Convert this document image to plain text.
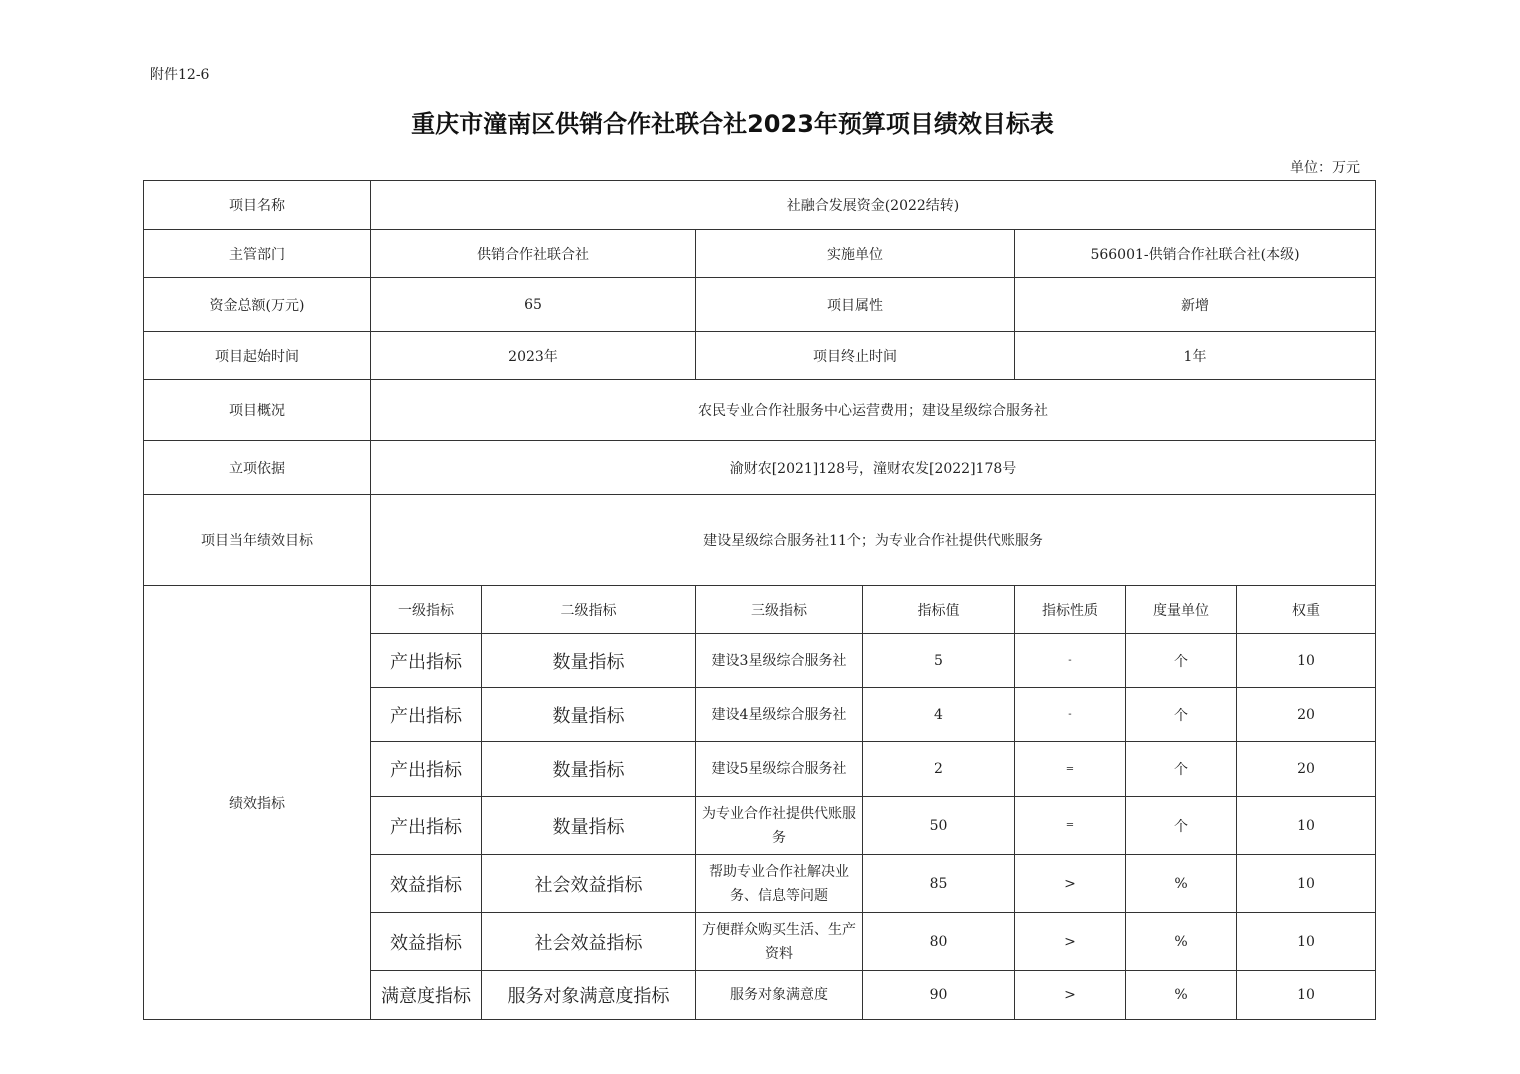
附件12-6
重庆市潼南区供销合作社联合社2023年预算项目绩效目标表
单位：万元
项目名称	社融合发展资金(2022结转)						
主管部门	供销合作社联合社		实施单位		566001-供销合作社联合社(本级)		
资金总额(万元)	65		项目属性		新增		
项目起始时间	2023年		项目终止时间		1年		
项目概况	农民专业合作社服务中心运营费用；建设星级综合服务社						
立项依据	渝财农[2021]128号，潼财农发[2022]178号						
项目当年绩效目标	建设星级综合服务社11个；为专业合作社提供代账服务						
绩效指标	一级指标	二级指标	三级指标	指标值	指标性质	度量单位	权重
	产出指标	数量指标	建设3星级综合服务社	5	-	个	10
	产出指标	数量指标	建设4星级综合服务社	4	-	个	20
	产出指标	数量指标	建设5星级综合服务社	2	=	个	20
	产出指标	数量指标	为专业合作社提供代账服务	50	=	个	10
	效益指标	社会效益指标	帮助专业合作社解决业务、信息等问题	85	>	%	10
	效益指标	社会效益指标	方便群众购买生活、生产资料	80	>	%	10
	满意度指标	服务对象满意度指标	服务对象满意度	90	>	%	10
